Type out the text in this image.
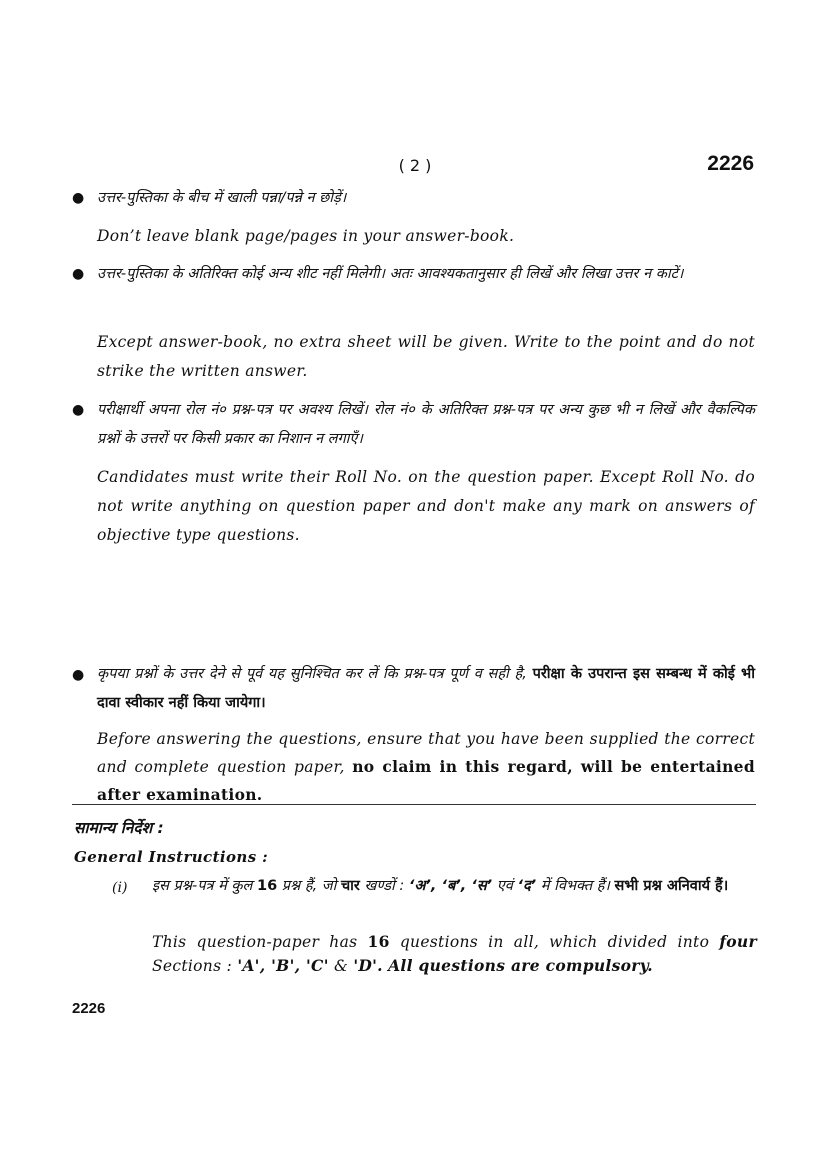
( 2 )	2226
● उत्तर-पुस्तिका के बीच में खाली पन्ना/पन्ने न छोड़ें।
Don’t leave blank page/pages in your answer-book.
● उत्तर-पुस्तिका के अतिरिक्त कोई अन्य शीट नहीं मिलेगी। अतः आवश्यकतानुसार ही लिखें और लिखा उत्तर न काटें।
Except answer-book, no extra sheet will be given. Write to the point and do not strike the written answer.
● परीक्षार्थी अपना रोल नं० प्रश्न-पत्र पर अवश्य लिखें। रोल नं० के अतिरिक्त प्रश्न-पत्र पर अन्य कुछ भी न लिखें और वैकल्पिक प्रश्नों के उत्तरों पर किसी प्रकार का निशान न लगाएँ।
Candidates must write their Roll No. on the question paper. Except Roll No. do not write anything on question paper and don't make any mark on answers of objective type questions.
● कृपया प्रश्नों के उत्तर देने से पूर्व यह सुनिश्चित कर लें कि प्रश्न-पत्र पूर्ण व सही है, परीक्षा के उपरान्त इस सम्बन्ध में कोई भी दावा स्वीकार नहीं किया जायेगा।
Before answering the questions, ensure that you have been supplied the correct and complete question paper, no claim in this regard, will be entertained after examination.
सामान्य निर्देश :
General Instructions :
(i) इस प्रश्न-पत्र में कुल 16 प्रश्न हैं, जो चार खण्डों : ‘अ’, ‘ब’, ‘स’ एवं ‘द’ में विभक्त हैं। सभी प्रश्न अनिवार्य हैं।
This question-paper has 16 questions in all, which divided into four Sections : 'A', 'B', 'C' & 'D'. All questions are compulsory.
2226
